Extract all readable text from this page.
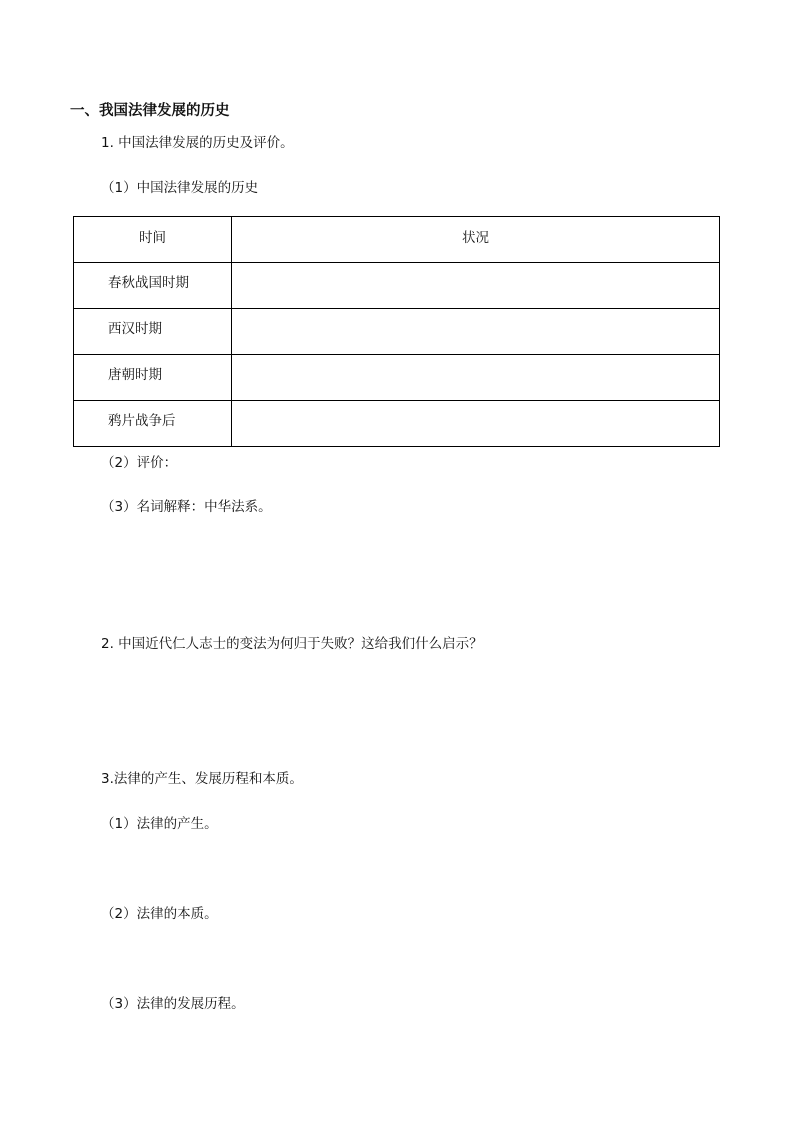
一、我国法律发展的历史
1. 中国法律发展的历史及评价。
（1）中国法律发展的历史
时间	状况
春秋战国时期	
西汉时期	
唐朝时期	
鸦片战争后	
（2）评价：
（3）名词解释：中华法系。
2. 中国近代仁人志士的变法为何归于失败？这给我们什么启示？
3.法律的产生、发展历程和本质。
（1）法律的产生。
（2）法律的本质。
（3）法律的发展历程。
